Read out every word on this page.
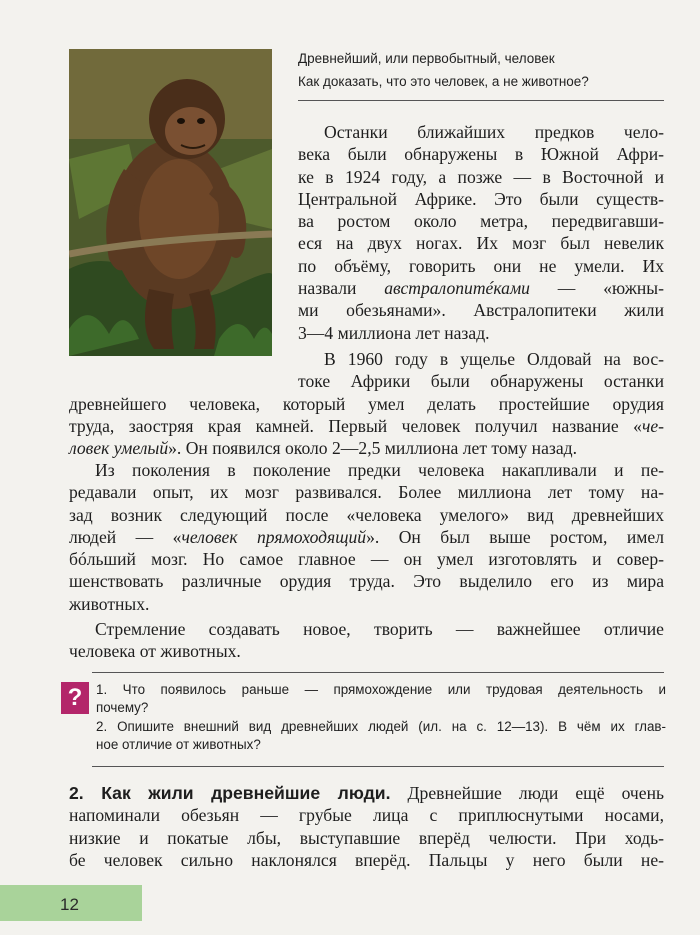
Древнейший, или первобытный, человек
Как доказать, что это человек, а не животное?
Останки ближайших предков чело-
века были обнаружены в Южной Афри-
ке в 1924 году, а позже — в Восточной и
Центральной Африке. Это были существ-
ва ростом около метра, передвигавши-
еся на двух ногах. Их мозг был невелик
по объёму, говорить они не умели. Их
назвали австралопитéками — «южны-
ми обезьянами». Австралопитеки жили
3—4 миллиона лет назад.
В 1960 году в ущелье Олдовай на вос-
токе Африки были обнаружены останки
древнейшего человека, который умел делать простейшие орудия
труда, заостряя края камней. Первый человек получил название «че-
ловек умелый». Он появился около 2—2,5 миллиона лет тому назад.
Из поколения в поколение предки человека накапливали и пе-
редавали опыт, их мозг развивался. Более миллиона лет тому на-
зад возник следующий после «человека умелого» вид древнейших
людей — «человек прямоходящий». Он был выше ростом, имел
бóльший мозг. Но самое главное — он умел изготовлять и совер-
шенствовать различные орудия труда. Это выделило его из мира
животных.
Стремление создавать новое, творить — важнейшее отличие
человека от животных.
?	1. Что появилось раньше — прямохождение или трудовая деятельность и
почему?
2. Опишите внешний вид древнейших людей (ил. на с. 12—13). В чём их глав-
ное отличие от животных?
2. Как жили древнейшие люди. Древнейшие люди ещё очень
напоминали обезьян — грубые лица с приплюснутыми носами,
низкие и покатые лбы, выступавшие вперёд челюсти. При ходь-
бе человек сильно наклонялся вперёд. Пальцы у него были не-
12
